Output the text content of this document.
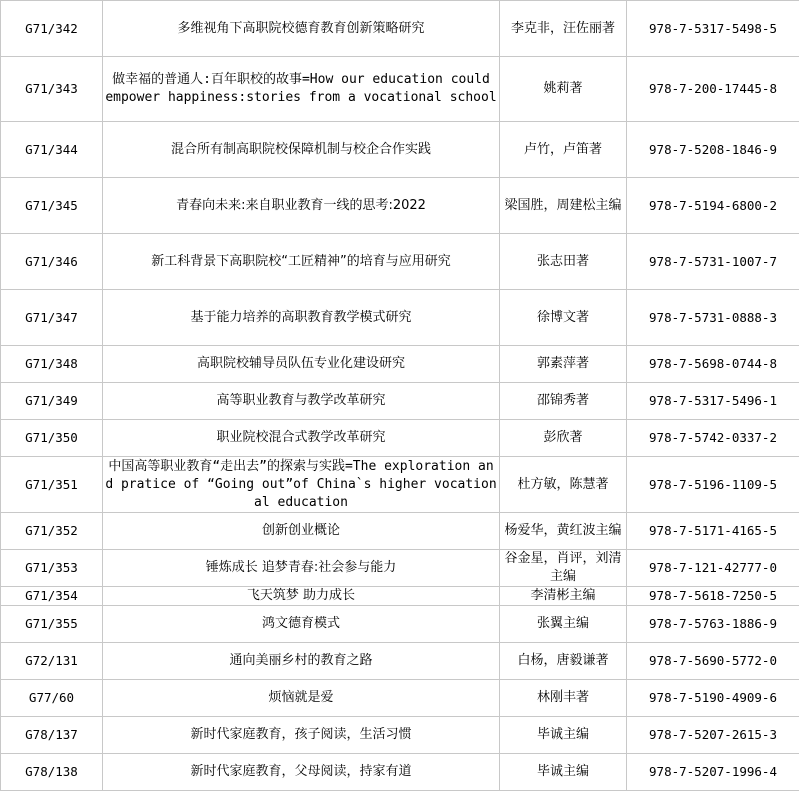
G71/342	多维视角下高职院校德育教育创新策略研究	李克非，汪佐丽著	978-7-5317-5498-5
G71/343	做幸福的普通人:百年职校的故事=How our education could empower happiness:stories from a vocational school	姚莉著	978-7-200-17445-8
G71/344	混合所有制高职院校保障机制与校企合作实践	卢竹，卢笛著	978-7-5208-1846-9
G71/345	青春向未来:来自职业教育一线的思考:2022	梁国胜，周建松主编	978-7-5194-6800-2
G71/346	新工科背景下高职院校“工匠精神”的培育与应用研究	张志田著	978-7-5731-1007-7
G71/347	基于能力培养的高职教育教学模式研究	徐博文著	978-7-5731-0888-3
G71/348	高职院校辅导员队伍专业化建设研究	郭素萍著	978-7-5698-0744-8
G71/349	高等职业教育与教学改革研究	邵锦秀著	978-7-5317-5496-1
G71/350	职业院校混合式教学改革研究	彭欣著	978-7-5742-0337-2
G71/351	中国高等职业教育“走出去”的探索与实践=The exploration and pratice of “Going out”of China`s higher vocational education	杜方敏，陈慧著	978-7-5196-1109-5
G71/352	创新创业概论	杨爱华，黄红波主编	978-7-5171-4165-5
G71/353	锤炼成长 追梦青春:社会参与能力	谷金星，肖评，刘清主编	978-7-121-42777-0
G71/354	飞天筑梦 助力成长	李清彬主编	978-7-5618-7250-5
G71/355	鸿文德育模式	张翼主编	978-7-5763-1886-9
G72/131	通向美丽乡村的教育之路	白杨，唐毅谦著	978-7-5690-5772-0
G77/60	烦恼就是爱	林刚丰著	978-7-5190-4909-6
G78/137	新时代家庭教育，孩子阅读，生活习惯	毕诚主编	978-7-5207-2615-3
G78/138	新时代家庭教育，父母阅读，持家有道	毕诚主编	978-7-5207-1996-4
